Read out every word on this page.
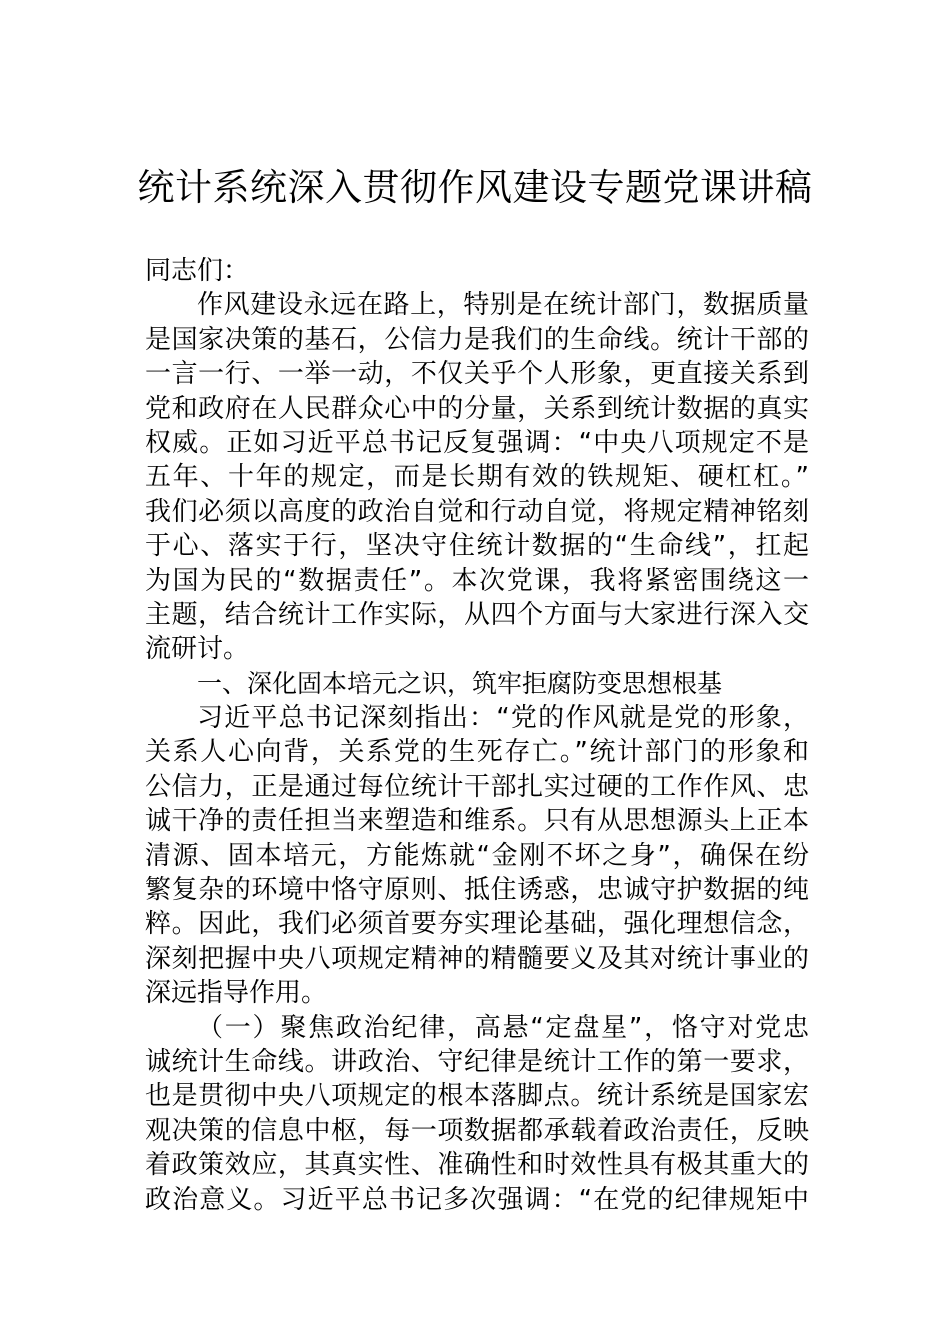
统计系统深入贯彻作风建设专题党课讲稿
同志们：
作风建设永远在路上，特别是在统计部门，数据质量
是国家决策的基石，公信力是我们的生命线。统计干部的
一言一行、一举一动，不仅关乎个人形象，更直接关系到
党和政府在人民群众心中的分量，关系到统计数据的真实
权威。正如习近平总书记反复强调：“中央八项规定不是
五年、十年的规定，而是长期有效的铁规矩、硬杠杠。”
我们必须以高度的政治自觉和行动自觉，将规定精神铭刻
于心、落实于行，坚决守住统计数据的“生命线”，扛起
为国为民的“数据责任”。本次党课，我将紧密围绕这一
主题，结合统计工作实际，从四个方面与大家进行深入交
流研讨。
一、深化固本培元之识，筑牢拒腐防变思想根基
习近平总书记深刻指出：“党的作风就是党的形象，
关系人心向背，关系党的生死存亡。”统计部门的形象和
公信力，正是通过每位统计干部扎实过硬的工作作风、忠
诚干净的责任担当来塑造和维系。只有从思想源头上正本
清源、固本培元，方能炼就“金刚不坏之身”，确保在纷
繁复杂的环境中恪守原则、抵住诱惑，忠诚守护数据的纯
粹。因此，我们必须首要夯实理论基础，强化理想信念，
深刻把握中央八项规定精神的精髓要义及其对统计事业的
深远指导作用。
（一）聚焦政治纪律，高悬“定盘星”，恪守对党忠
诚统计生命线。讲政治、守纪律是统计工作的第一要求，
也是贯彻中央八项规定的根本落脚点。统计系统是国家宏
观决策的信息中枢，每一项数据都承载着政治责任，反映
着政策效应，其真实性、准确性和时效性具有极其重大的
政治意义。习近平总书记多次强调：“在党的纪律规矩中
